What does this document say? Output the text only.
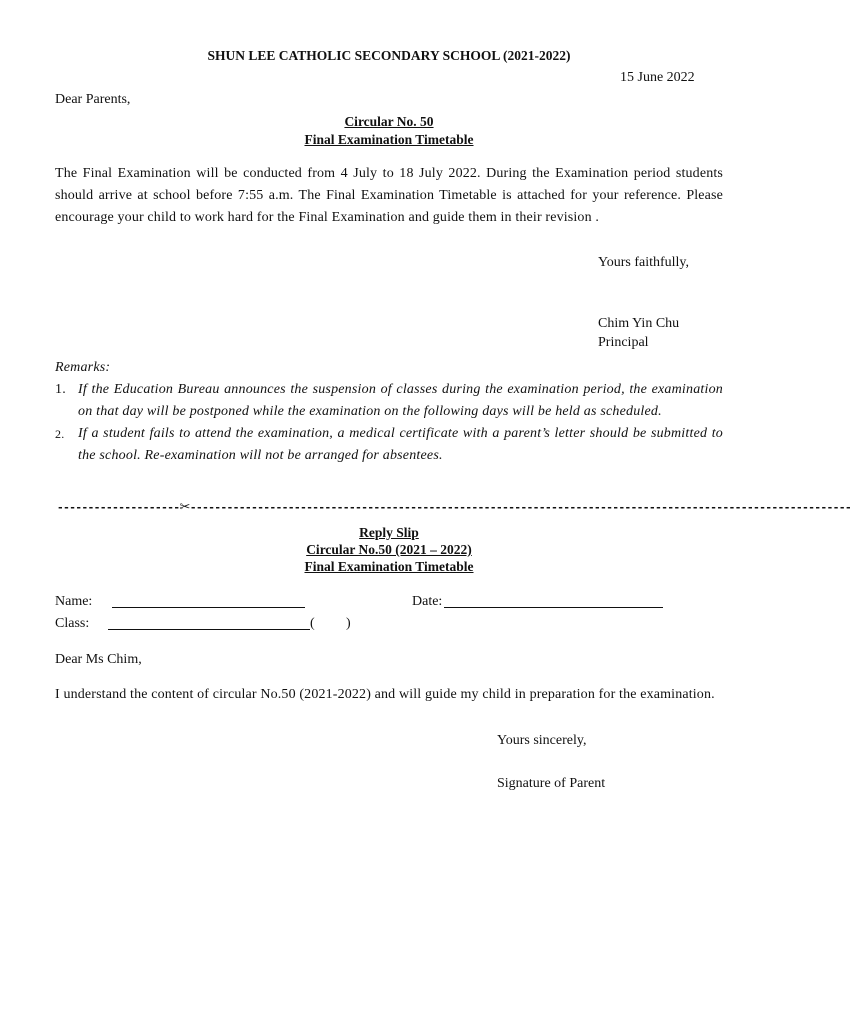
SHUN LEE CATHOLIC SECONDARY SCHOOL (2021-2022)
15 June 2022
Dear Parents,
Circular No. 50
Final Examination Timetable
The Final Examination will be conducted from 4 July to 18 July 2022. During the Examination period students should arrive at school before 7:55 a.m. The Final Examination Timetable is attached for your reference. Please encourage your child to work hard for the Final Examination and guide them in their revision .
Yours faithfully,
Chim Yin Chu
Principal
Remarks:
1. If the Education Bureau announces the suspension of classes during the examination period, the examination on that day will be postponed while the examination on the following days will be held as scheduled.
2. If a student fails to attend the examination, a medical certificate with a parent’s letter should be submitted to the school. Re-examination will not be arranged for absentees.
--------------------✂------------------------------------------------------------------------------------------------------------
Reply Slip
Circular No.50 (2021 – 2022)
Final Examination Timetable
Name:	Date:
Class:	( )
Dear Ms Chim,
I understand the content of circular No.50 (2021-2022) and will guide my child in preparation for the examination.
Yours sincerely,
Signature of Parent
